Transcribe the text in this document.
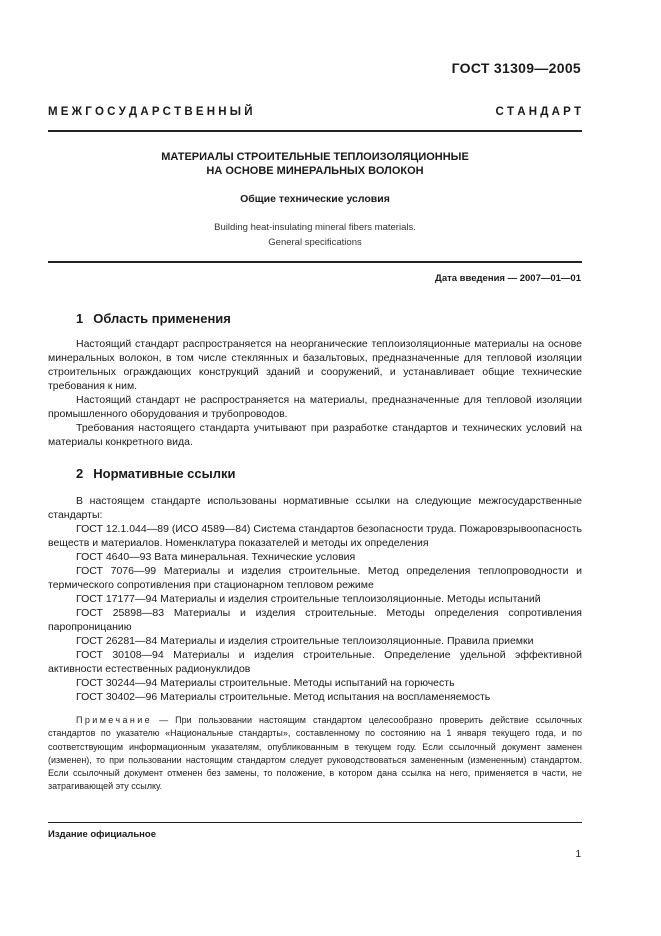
ГОСТ 31309—2005
М Е Ж Г О С У Д А Р С Т В Е Н Н Ы Й	С Т А Н Д А Р Т
МАТЕРИАЛЫ СТРОИТЕЛЬНЫЕ ТЕПЛОИЗОЛЯЦИОННЫЕ
НА ОСНОВЕ МИНЕРАЛЬНЫХ ВОЛОКОН
Общие технические условия
Building heat-insulating mineral fibers materials.
General specifications
Дата введения — 2007—01—01
1 Область применения

Настоящий стандарт распространяется на неорганические теплоизоляционные материалы на основе минеральных волокон, в том числе стеклянных и базальтовых, предназначенные для тепловой изоляции строительных ограждающих конструкций зданий и сооружений, и устанавливает общие технические требования к ним.

Настоящий стандарт не распространяется на материалы, предназначенные для тепловой изоляции промышленного оборудования и трубопроводов.

Требования настоящего стандарта учитывают при разработке стандартов и технических условий на материалы конкретного вида.

2 Нормативные ссылки

В настоящем стандарте использованы нормативные ссылки на следующие межгосударственные стандарты:

ГОСТ 12.1.044—89 (ИСО 4589—84) Система стандартов безопасности труда. Пожаровзрывоопасность веществ и материалов. Номенклатура показателей и методы их определения

ГОСТ 4640—93 Вата минеральная. Технические условия

ГОСТ 7076—99 Материалы и изделия строительные. Метод определения теплопроводности и термического сопротивления при стационарном тепловом режиме

ГОСТ 17177—94 Материалы и изделия строительные теплоизоляционные. Методы испытаний

ГОСТ 25898—83 Материалы и изделия строительные. Методы определения сопротивления паропроницанию

ГОСТ 26281—84 Материалы и изделия строительные теплоизоляционные. Правила приемки

ГОСТ 30108—94 Материалы и изделия строительные. Определение удельной эффективной активности естественных радионуклидов

ГОСТ 30244—94 Материалы строительные. Методы испытаний на горючесть

ГОСТ 30402—96 Материалы строительные. Метод испытания на воспламеняемость

Примечание — При пользовании настоящим стандартом целесообразно проверить действие ссылочных стандартов по указателю «Национальные стандарты», составленному по состоянию на 1 января текущего года, и по соответствующим информационным указателям, опубликованным в текущем году. Если ссылочный документ заменен (изменен), то при пользовании настоящим стандартом следует руководствоваться замененным (измененным) стандартом. Если ссылочный документ отменен без замены, то положение, в котором дана ссылка на него, применяется в части, не затрагивающей эту ссылку.
Издание официальное
1
